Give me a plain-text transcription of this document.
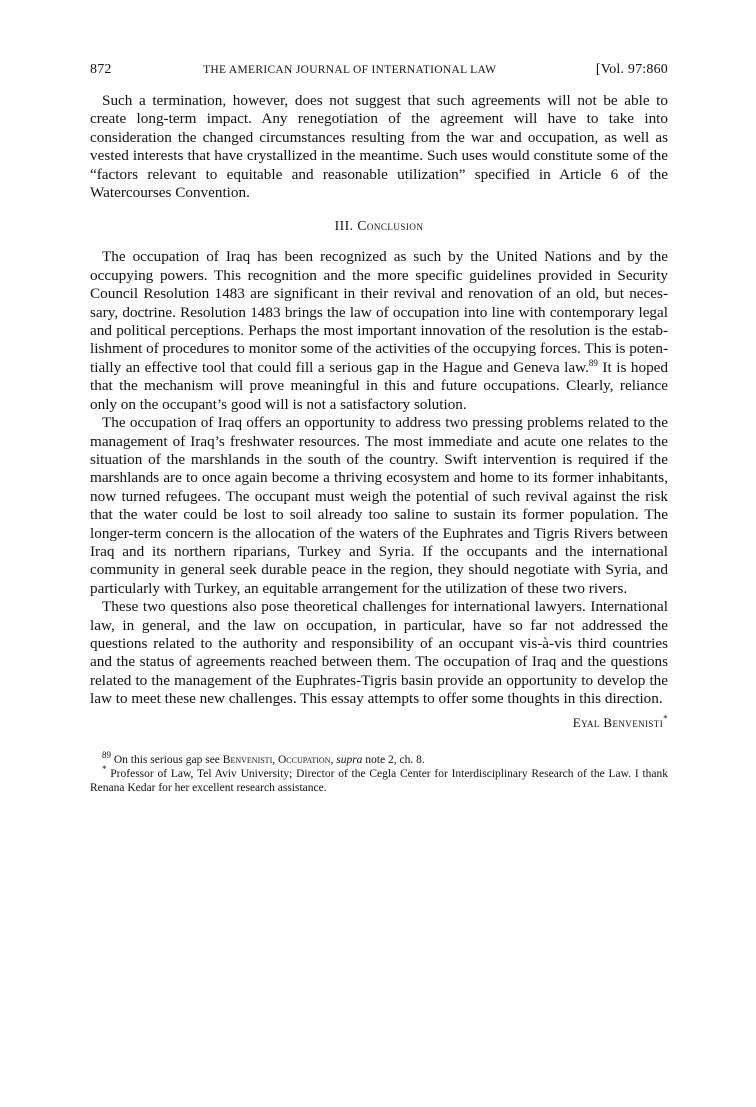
872	THE AMERICAN JOURNAL OF INTERNATIONAL LAW	[Vol. 97:860

Such a termination, however, does not suggest that such agreements will not be able to create long-term impact. Any renegotiation of the agreement will have to take into consideration the changed circumstances resulting from the war and occupation, as well as vested interests that have crystallized in the meantime. Such uses would constitute some of the “factors relevant to equitable and reasonable utilization” specified in Article 6 of the Watercourses Convention.

III. Conclusion

The occupation of Iraq has been recognized as such by the United Nations and by the occupying powers. This recognition and the more specific guidelines provided in Security Council Resolution 1483 are significant in their revival and renovation of an old, but necessary, doctrine. Resolution 1483 brings the law of occupation into line with contemporary legal and political perceptions. Perhaps the most important innovation of the resolution is the establishment of procedures to monitor some of the activities of the occupying forces. This is potentially an effective tool that could fill a serious gap in the Hague and Geneva law.$^{89}$ It is hoped that the mechanism will prove meaningful in this and future occupations. Clearly, reliance only on the occupant’s good will is not a satisfactory solution.

The occupation of Iraq offers an opportunity to address two pressing problems related to the management of Iraq’s freshwater resources. The most immediate and acute one relates to the situation of the marshlands in the south of the country. Swift intervention is required if the marshlands are to once again become a thriving ecosystem and home to its former inhabitants, now turned refugees. The occupant must weigh the potential of such revival against the risk that the water could be lost to soil already too saline to sustain its former population. The longer-term concern is the allocation of the waters of the Euphrates and Tigris Rivers between Iraq and its northern riparians, Turkey and Syria. If the occupants and the international community in general seek durable peace in the region, they should negotiate with Syria, and particularly with Turkey, an equitable arrangement for the utilization of these two rivers.

These two questions also pose theoretical challenges for international lawyers. International law, in general, and the law on occupation, in particular, have so far not addressed the questions related to the authority and responsibility of an occupant vis-à-vis third countries and the status of agreements reached between them. The occupation of Iraq and the questions related to the management of the Euphrates-Tigris basin provide an opportunity to develop the law to meet these new challenges. This essay attempts to offer some thoughts in this direction.

Eyal Benvenisti*

$^{89}$ On this serious gap see Benvenisti, Occupation, supra note 2, ch. 8.

* Professor of Law, Tel Aviv University; Director of the Cegla Center for Interdisciplinary Research of the Law. I thank Renana Kedar for her excellent research assistance.
